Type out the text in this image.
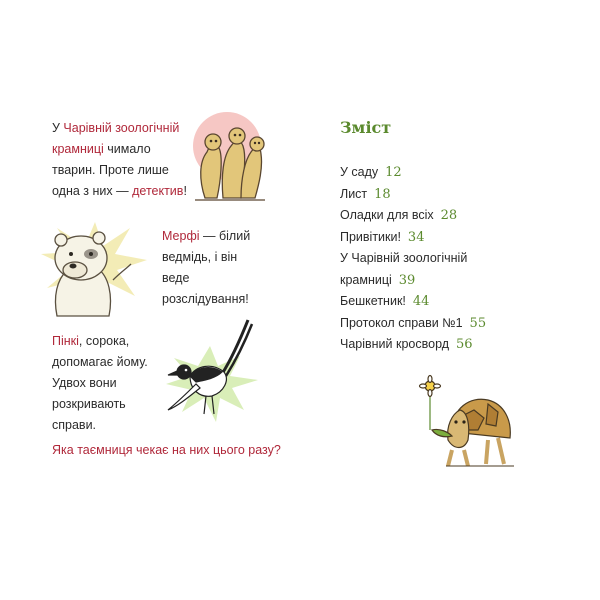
У Чарівній зоологічній крамниці чимало тварин. Проте лише одна з них — детектив!
Мерфі — білий ведмідь, і він веде розслідування!
Пінкі, сорока, допомагає йому. Удвох вони розкривають справи.
Яка таємниця чекає на них цього разу?
Зміст
У саду 12
Лист 18
Оладки для всіх 28
Привітики! 34
У Чарівній зоологічній крамниці 39
Бешкетник! 44
Протокол справи №1 55
Чарівний кросворд 56
